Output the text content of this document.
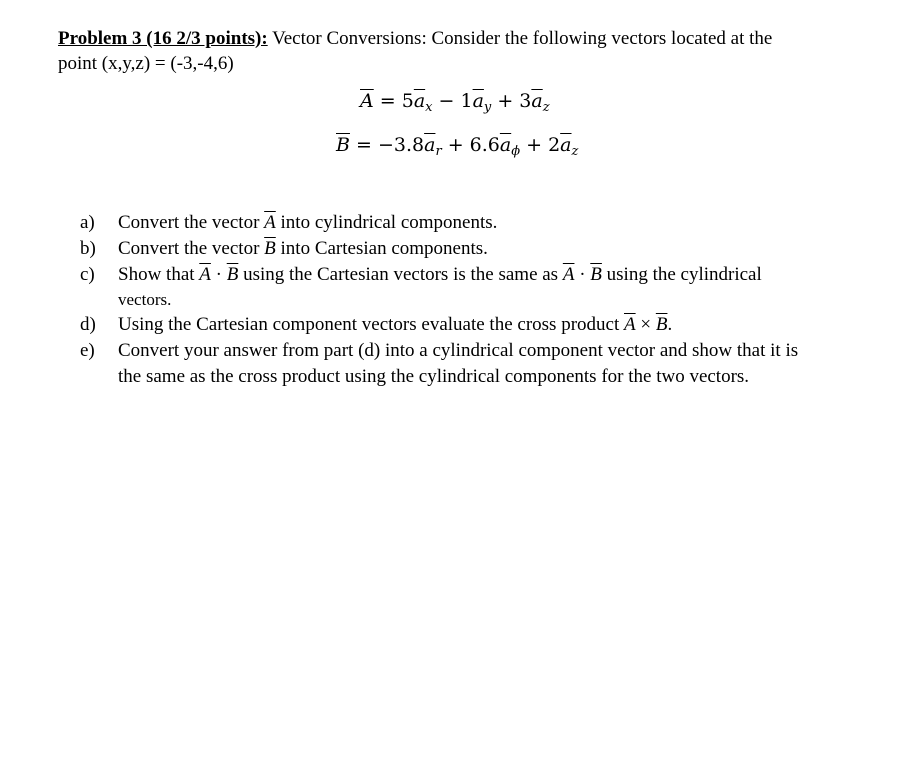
Problem 3 (16 2/3 points): Vector Conversions: Consider the following vectors located at the
point (x,y,z) = (-3,-4,6)
$\overline{A} = 5\overline{a}_x - 1\overline{a}_y + 3\overline{a}_z$
$\overline{B} = -3.8\overline{a}_r + 6.6\overline{a}_\phi + 2\overline{a}_z$
a)	Convert the vector $\overline{A}$ into cylindrical components.
b)	Convert the vector $\overline{B}$ into Cartesian components.
c)	Show that $\overline{A} \cdot \overline{B}$ using the Cartesian vectors is the same as $\overline{A} \cdot \overline{B}$ using the cylindrical
vectors.
d)	Using the Cartesian component vectors evaluate the cross product $\overline{A} \times \overline{B}$.
e)	Convert your answer from part (d) into a cylindrical component vector and show that it is
the same as the cross product using the cylindrical components for the two vectors.
